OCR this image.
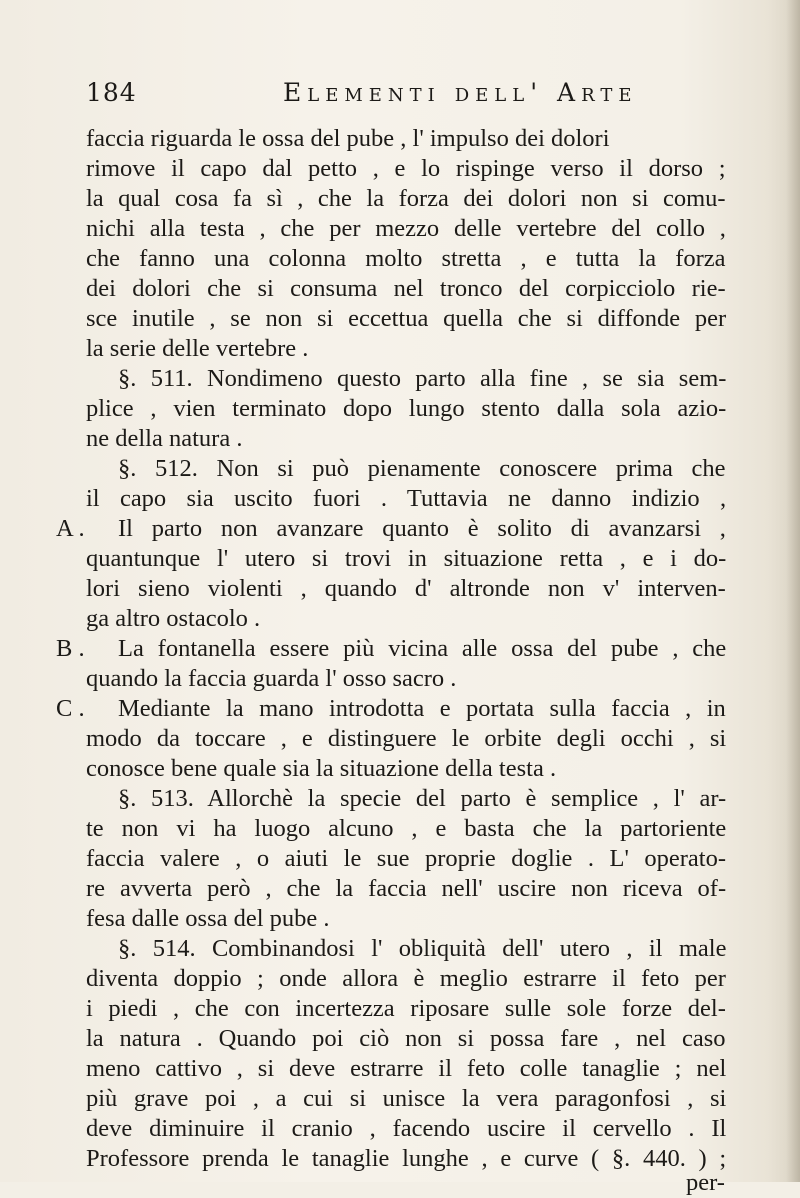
184	Elementi dell' Arte
faccia riguarda le ossa del pube , l' impulso dei dolori
rimove il capo dal petto , e lo rispinge verso il dorso ;
la qual cosa fa sì , che la forza dei dolori non si comu-
nichi alla testa , che per mezzo delle vertebre del collo ,
che fanno una colonna molto stretta , e tutta la forza
dei dolori che si consuma nel tronco del corpicciolo rie-
sce inutile , se non si eccettua quella che si diffonde per
la serie delle vertebre .
§. 511. Nondimeno questo parto alla fine , se sia sem-
plice , vien terminato dopo lungo stento dalla sola azio-
ne della natura .
§. 512. Non si può pienamente conoscere prima che
il capo sia uscito fuori . Tuttavia ne danno indizio ,
A . Il parto non avanzare quanto è solito di avanzarsi ,
quantunque l' utero si trovi in situazione retta , e i do-
lori sieno violenti , quando d' altronde non v' interven-
ga altro ostacolo .
B . La fontanella essere più vicina alle ossa del pube , che
quando la faccia guarda l' osso sacro .
C . Mediante la mano introdotta e portata sulla faccia , in
modo da toccare , e distinguere le orbite degli occhi , si
conosce bene quale sia la situazione della testa .
§. 513. Allorchè la specie del parto è semplice , l' ar-
te non vi ha luogo alcuno , e basta che la partoriente
faccia valere , o aiuti le sue proprie doglie . L' operato-
re avverta però , che la faccia nell' uscire non riceva of-
fesa dalle ossa del pube .
§. 514. Combinandosi l' obliquità dell' utero , il male
diventa doppio ; onde allora è meglio estrarre il feto per
i piedi , che con incertezza riposare sulle sole forze del-
la natura . Quando poi ciò non si possa fare , nel caso
meno cattivo , si deve estrarre il feto colle tanaglie ; nel
più grave poi , a cui si unisce la vera paragonfosi , si
deve diminuire il cranio , facendo uscire il cervello . Il
Professore prenda le tanaglie lunghe , e curve ( §. 440. ) ;
per-
